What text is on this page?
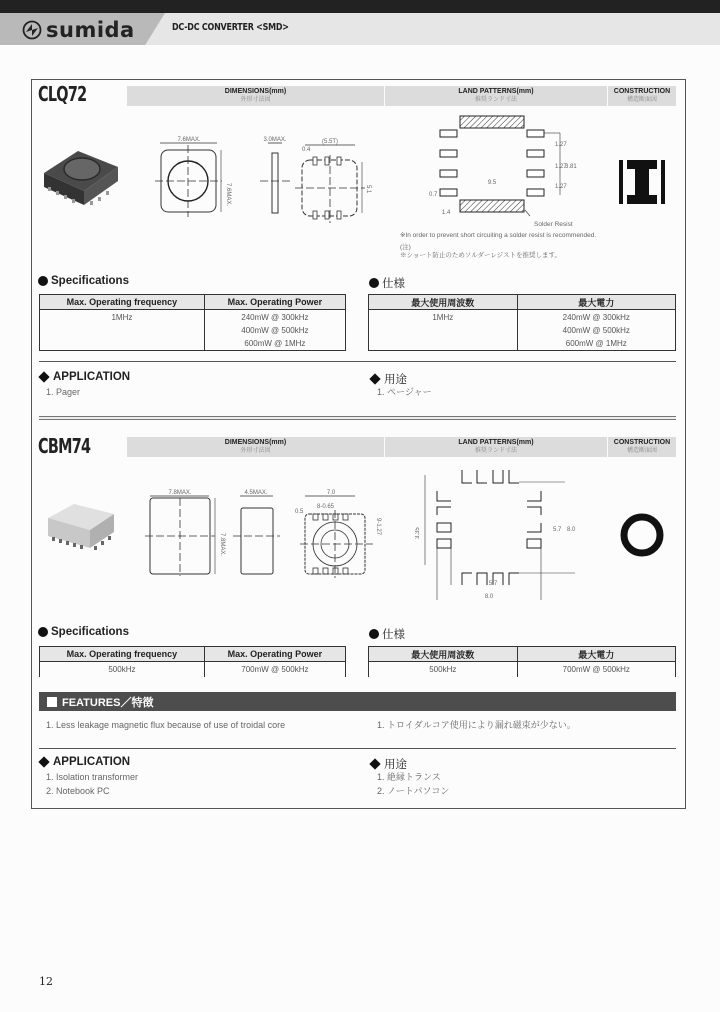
sumida	DC-DC CONVERTER <SMD>
CLQ72	DIMENSIONS(mm)
外形寸法図
LAND PATTERNS(mm)
推奨ランド寸法
CONSTRUCTION
構造断面図
7.6MAX.
7.6MAX.
3.0MAX.	(5.5T)
0.4
5.1
9.5
1.27
1.27
1.27
3.81
0.7
1.4
Solder Resist
※In order to prevent short circuiting a solder resist is recommended.
(注)
※ショート防止のためソルダーレジストを推奨します。
Specifications
Max. Operating frequency	Max. Operating Power
1MHz	240mW @ 300kHz
400mW @ 500kHz
600mW @ 1MHz
仕様
最大使用周波数	最大電力
1MHz	240mW @ 300kHz
400mW @ 500kHz
600mW @ 1MHz
APPLICATION
1. Pager
用途
1. ページャー
CBM74	DIMENSIONS(mm)
外形寸法図
LAND PATTERNS(mm)
推奨ランド寸法
CONSTRUCTION
構造断面図
7.8MAX.
7.8MAX.
4.5MAX.	7.0
8-0.65
9-1.27
0.5
3.35	5.7 8.0
5.7
8.0
Specifications
Max. Operating frequency	Max. Operating Power
500kHz	700mW @ 500kHz
仕様
最大使用周波数	最大電力
500kHz	700mW @ 500kHz
FEATURES／特徴
1. Less leakage magnetic flux because of use of troidal core	1. トロイダルコア使用により漏れ磁束が少ない。
APPLICATION
1. Isolation transformer
2. Notebook PC
用途
1. 絶縁トランス
2. ノートパソコン
12
